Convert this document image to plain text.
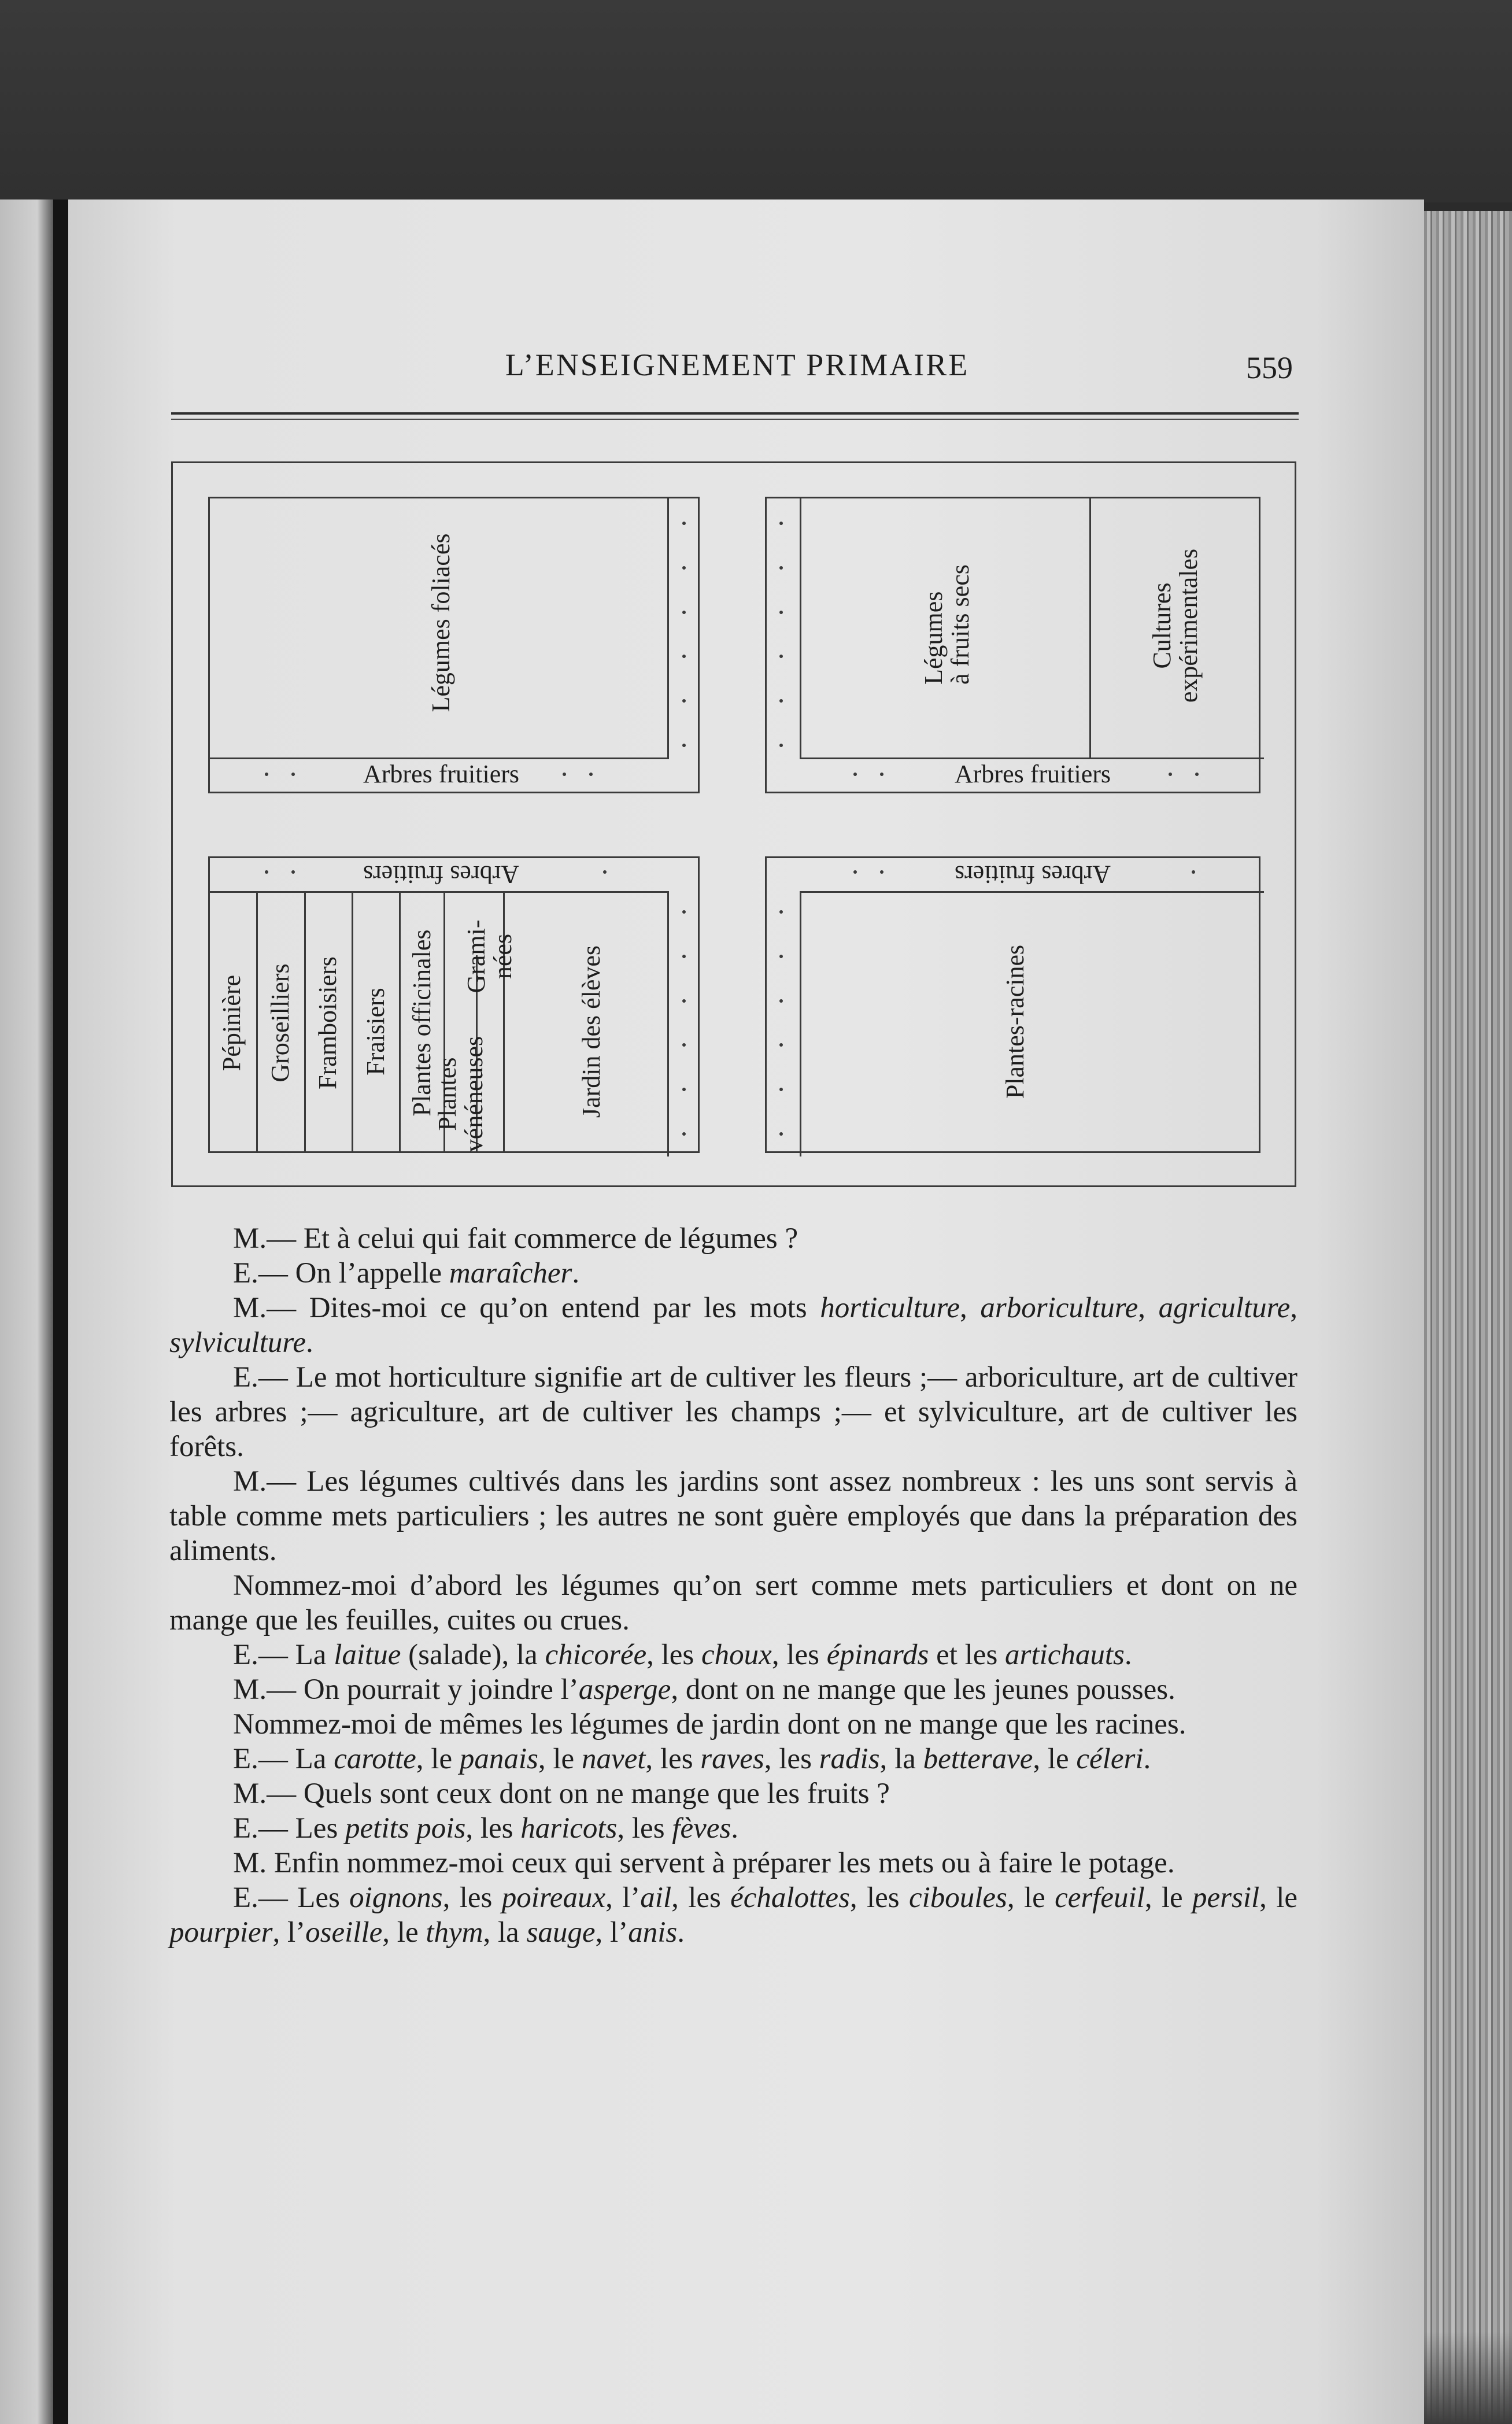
L’ENSEIGNEMENT PRIMAIRE	559
Légumes foliacés
Arbres fruitiers
Légumes
à fruits secs	Cultures
expérimentales
Arbres fruitiers
Arbres fruitiers
Pépinière Groseilliers Framboisiers Fraisiers Plantes officinales
Plantes
vénéneuses
Grami-
nées Jardin des élèves
Arbres fruitiers
Plantes-racines

M.— Et à celui qui fait commerce de légumes ?

E.— On l’appelle maraîcher.

M.— Dites-moi ce qu’on entend par les mots horticulture, arboriculture, agriculture, sylviculture.

E.— Le mot horticulture signifie art de cultiver les fleurs ;— arboriculture, art de cultiver les arbres ;— agriculture, art de cultiver les champs ;— et sylviculture, art de cultiver les forêts.

M.— Les légumes cultivés dans les jardins sont assez nombreux : les uns sont servis à table comme mets particuliers ; les autres ne sont guère employés que dans la préparation des aliments.

Nommez-moi d’abord les légumes qu’on sert comme mets particuliers et dont on ne mange que les feuilles, cuites ou crues.

E.— La laitue (salade), la chicorée, les choux, les épinards et les artichauts.

M.— On pourrait y joindre l’asperge, dont on ne mange que les jeunes pousses.

Nommez-moi de mêmes les légumes de jardin dont on ne mange que les racines.

E.— La carotte, le panais, le navet, les raves, les radis, la betterave, le céleri.

M.— Quels sont ceux dont on ne mange que les fruits ?

E.— Les petits pois, les haricots, les fèves.

M. Enfin nommez-moi ceux qui servent à préparer les mets ou à faire le potage.

E.— Les oignons, les poireaux, l’ail, les échalottes, les ciboules, le cerfeuil, le persil, le pourpier, l’oseille, le thym, la sauge, l’anis.
